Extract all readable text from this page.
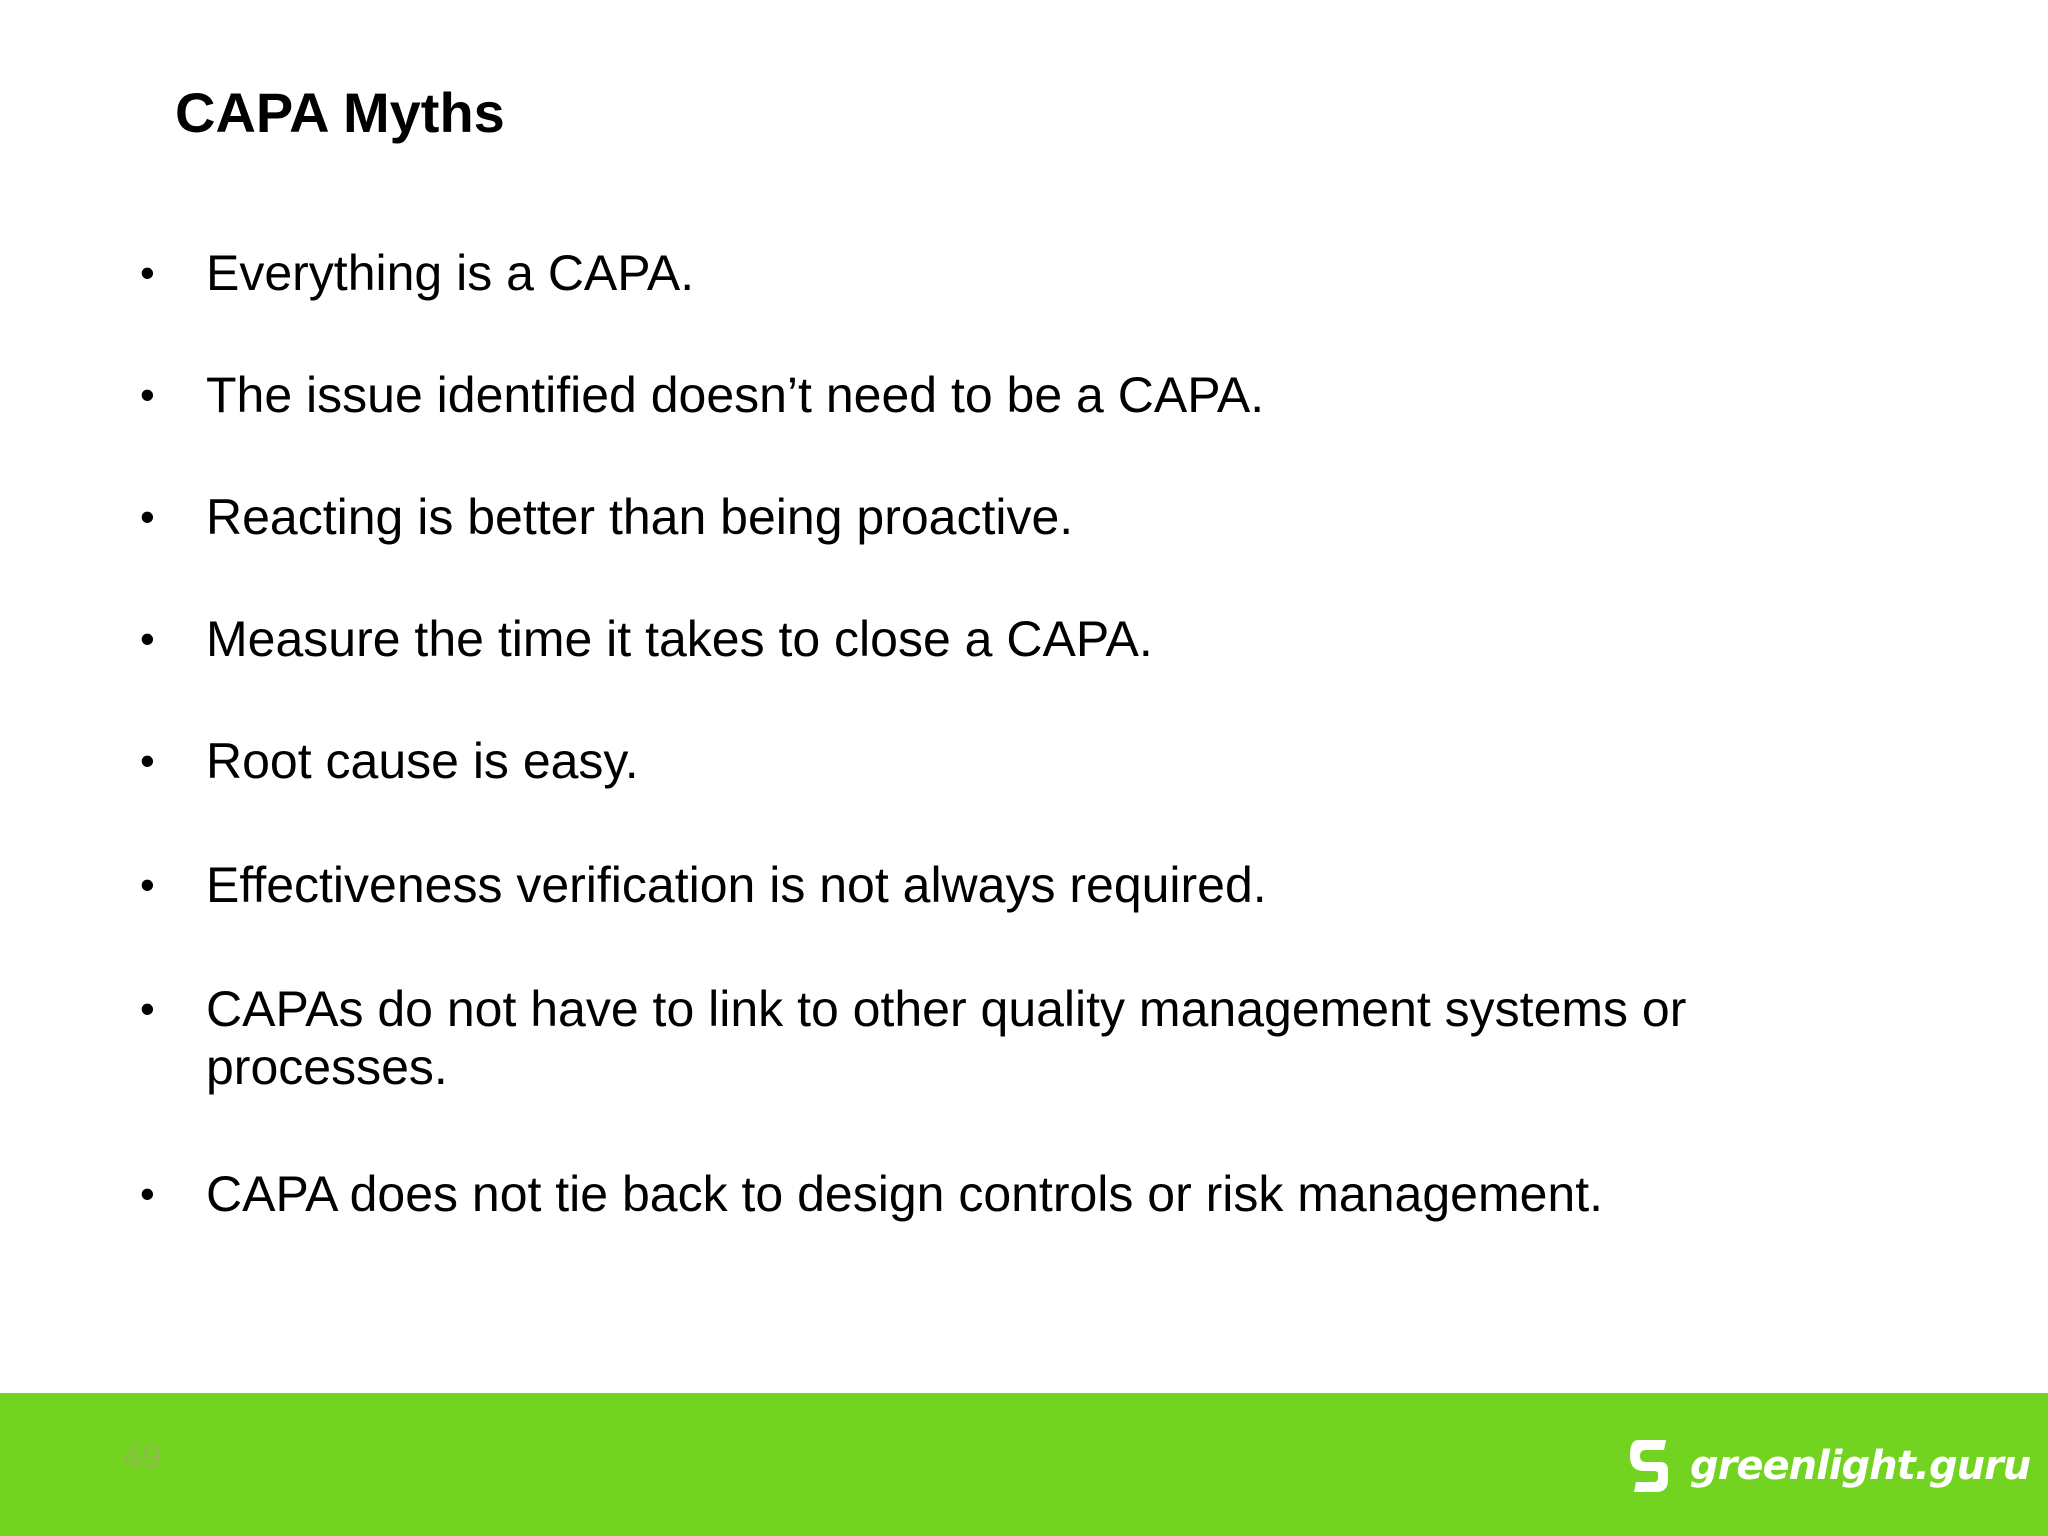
CAPA Myths
• Everything is a CAPA.
• The issue identified doesn’t need to be a CAPA.
• Reacting is better than being proactive.
• Measure the time it takes to close a CAPA.
• Root cause is easy.
• Effectiveness verification is not always required.
• CAPAs do not have to link to other quality management systems or processes.
• CAPA does not tie back to design controls or risk management.
49	greenlight.guru
